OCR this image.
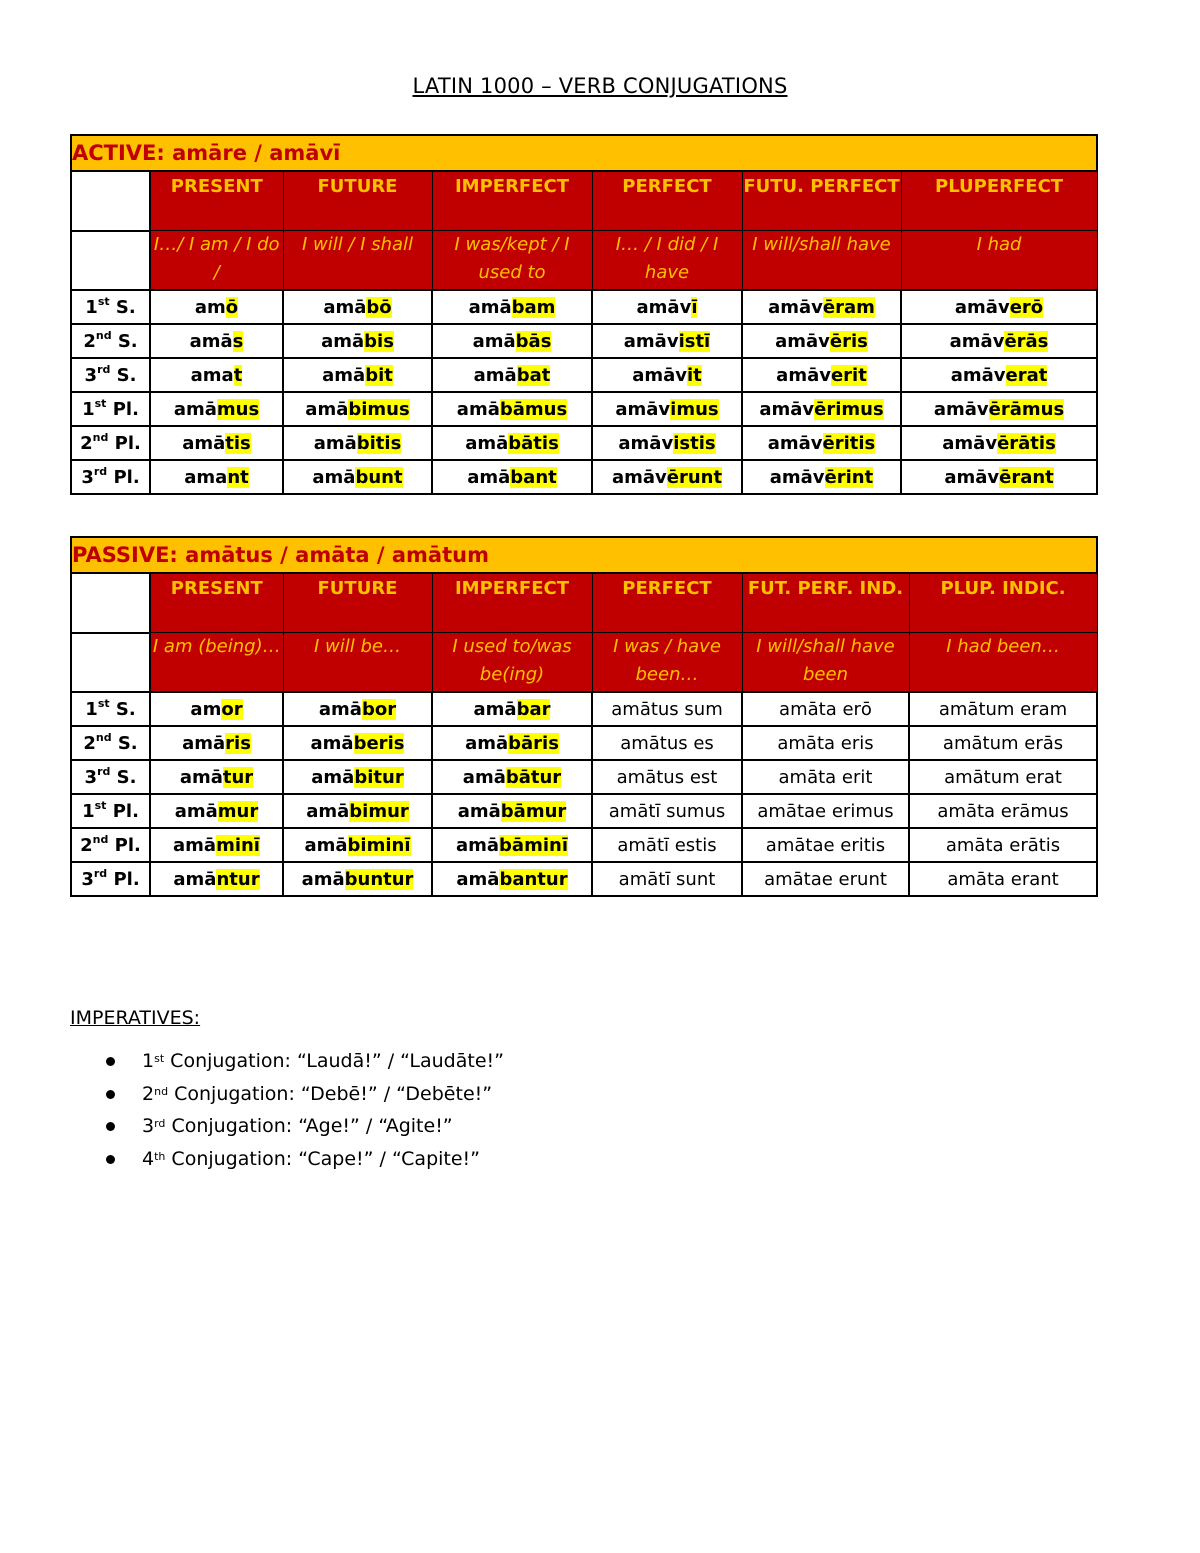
LATIN 1000 – VERB CONJUGATIONS
ACTIVE: amāre / amāvī						
	PRESENT	FUTURE	IMPERFECT	PERFECT	FUTU. PERFECT	PLUPERFECT
	I…/ I am / I do /	I will / I shall	I was/kept / I used to	I… / I did / I have	I will/shall have	I had
1st S.	amō	amābō	amābam	amāvī	amāvēram	amāverō
2nd S.	amās	amābis	amābās	amāvistī	amāvēris	amāvērās
3rd S.	amat	amābit	amābat	amāvit	amāverit	amāverat
1st Pl.	amāmus	amābimus	amābāmus	amāvimus	amāvērimus	amāvērāmus
2nd Pl.	amātis	amābitis	amābātis	amāvistis	amāvēritis	amāvērātis
3rd Pl.	amant	amābunt	amābant	amāvērunt	amāvērint	amāvērant
PASSIVE: amātus / amāta / amātum						
	PRESENT	FUTURE	IMPERFECT	PERFECT	FUT. PERF. IND.	PLUP. INDIC.
	I am (being)…	I will be…	I used to/was be(ing)	I was / have been…	I will/shall have been	I had been…
1st S.	amor	amābor	amābar	amātus sum	amāta erō	amātum eram
2nd S.	amāris	amāberis	amābāris	amātus es	amāta eris	amātum erās
3rd S.	amātur	amābitur	amābātur	amātus est	amāta erit	amātum erat
1st Pl.	amāmur	amābimur	amābāmur	amātī sumus	amātae erimus	amāta erāmus
2nd Pl.	amāminī	amābiminī	amābāminī	amātī estis	amātae eritis	amāta erātis
3rd Pl.	amāntur	amābuntur	amābantur	amātī sunt	amātae erunt	amāta erant
IMPERATIVES:
1st Conjugation: “Laudā!” / “Laudāte!”
2nd Conjugation: “Debē!” / “Debēte!”
3rd Conjugation: “Age!” / “Agite!”
4th Conjugation: “Cape!” / “Capite!”
